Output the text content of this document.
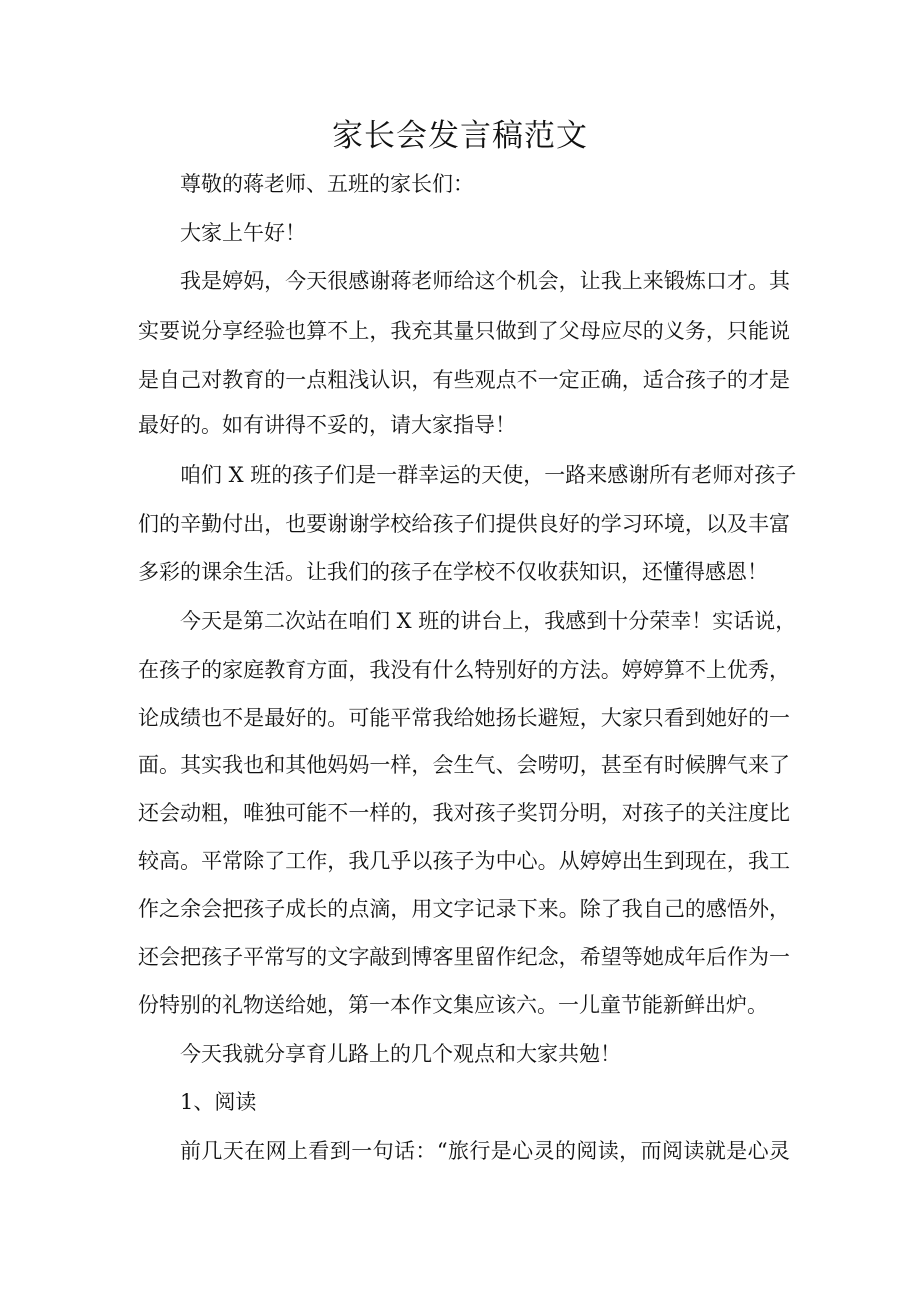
家长会发言稿范文
尊敬的蒋老师、五班的家长们：
大家上午好！
我是婷妈，今天很感谢蒋老师给这个机会，让我上来锻炼口才。其
实要说分享经验也算不上，我充其量只做到了父母应尽的义务，只能说
是自己对教育的一点粗浅认识，有些观点不一定正确，适合孩子的才是
最好的。如有讲得不妥的，请大家指导！
咱们 X 班的孩子们是一群幸运的天使，一路来感谢所有老师对孩子
们的辛勤付出，也要谢谢学校给孩子们提供良好的学习环境，以及丰富
多彩的课余生活。让我们的孩子在学校不仅收获知识，还懂得感恩！
今天是第二次站在咱们 X 班的讲台上，我感到十分荣幸！实话说，
在孩子的家庭教育方面，我没有什么特别好的方法。婷婷算不上优秀，
论成绩也不是最好的。可能平常我给她扬长避短，大家只看到她好的一
面。其实我也和其他妈妈一样，会生气、会唠叨，甚至有时候脾气来了
还会动粗，唯独可能不一样的，我对孩子奖罚分明，对孩子的关注度比
较高。平常除了工作，我几乎以孩子为中心。从婷婷出生到现在，我工
作之余会把孩子成长的点滴，用文字记录下来。除了我自己的感悟外，
还会把孩子平常写的文字敲到博客里留作纪念，希望等她成年后作为一
份特别的礼物送给她，第一本作文集应该六。一儿童节能新鲜出炉。
今天我就分享育儿路上的几个观点和大家共勉！
1、阅读
前几天在网上看到一句话：“旅行是心灵的阅读，而阅读就是心灵
